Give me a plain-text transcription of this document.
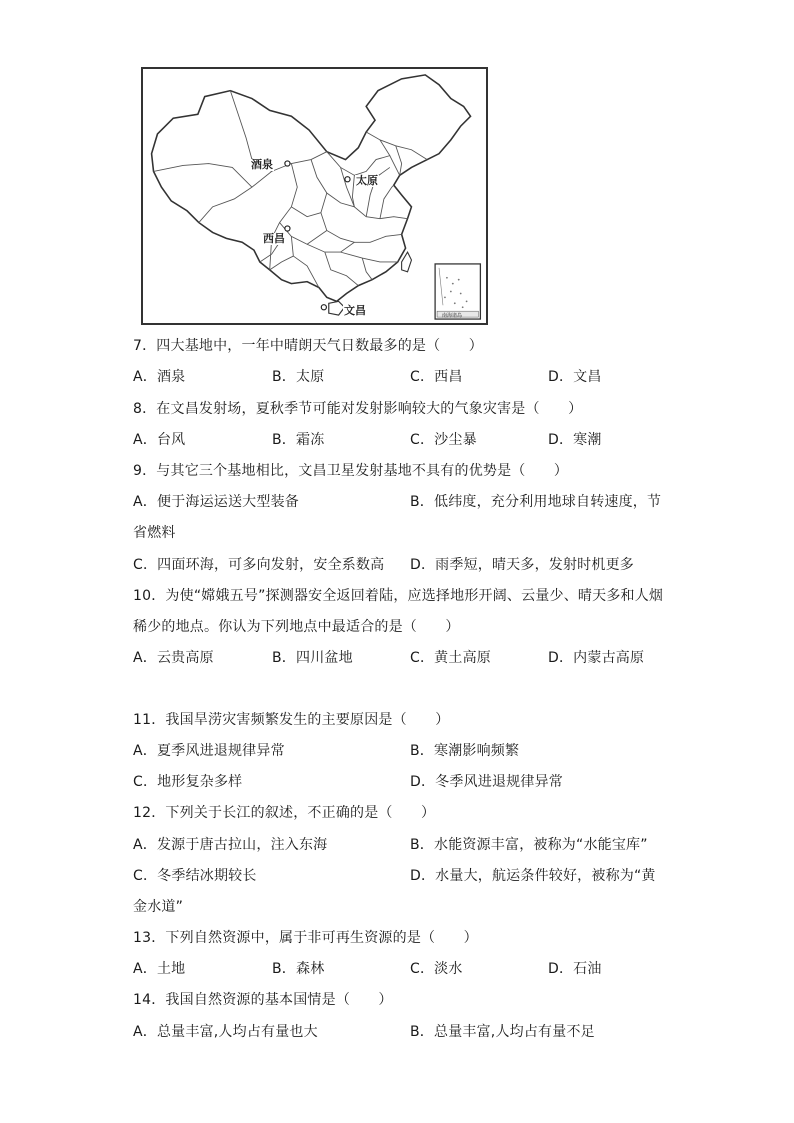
酒泉
太原
西昌
文昌	南海诸岛
7．四大基地中，一年中晴朗天气日数最多的是（　　）
A．酒泉	B．太原	C．西昌	D．文昌
8．在文昌发射场，夏秋季节可能对发射影响较大的气象灾害是（　　）
A．台风	B．霜冻	C．沙尘暴	D．寒潮
9．与其它三个基地相比，文昌卫星发射基地不具有的优势是（　　）
A．便于海运运送大型装备	B．低纬度，充分利用地球自转速度，节
省燃料
C．四面环海，可多向发射，安全系数高 D．雨季短，晴天多，发射时机更多
10．为使“嫦娥五号”探测器安全返回着陆，应选择地形开阔、云量少、晴天多和人烟
稀少的地点。你认为下列地点中最适合的是（　　）
A．云贵高原	B．四川盆地	C．黄土高原	D．内蒙古高原
11．我国旱涝灾害频繁发生的主要原因是（　　）
A．夏季风进退规律异常	B．寒潮影响频繁
C．地形复杂多样	D．冬季风进退规律异常
12．下列关于长江的叙述，不正确的是（　　）
A．发源于唐古拉山，注入东海	B．水能资源丰富，被称为“水能宝库”
C．冬季结冰期较长	D．水量大，航运条件较好，被称为“黄
金水道”
13．下列自然资源中，属于非可再生资源的是（　　）
A．土地	B．森林	C．淡水	D．石油
14．我国自然资源的基本国情是（　　）
A．总量丰富,人均占有量也大	B．总量丰富,人均占有量不足
